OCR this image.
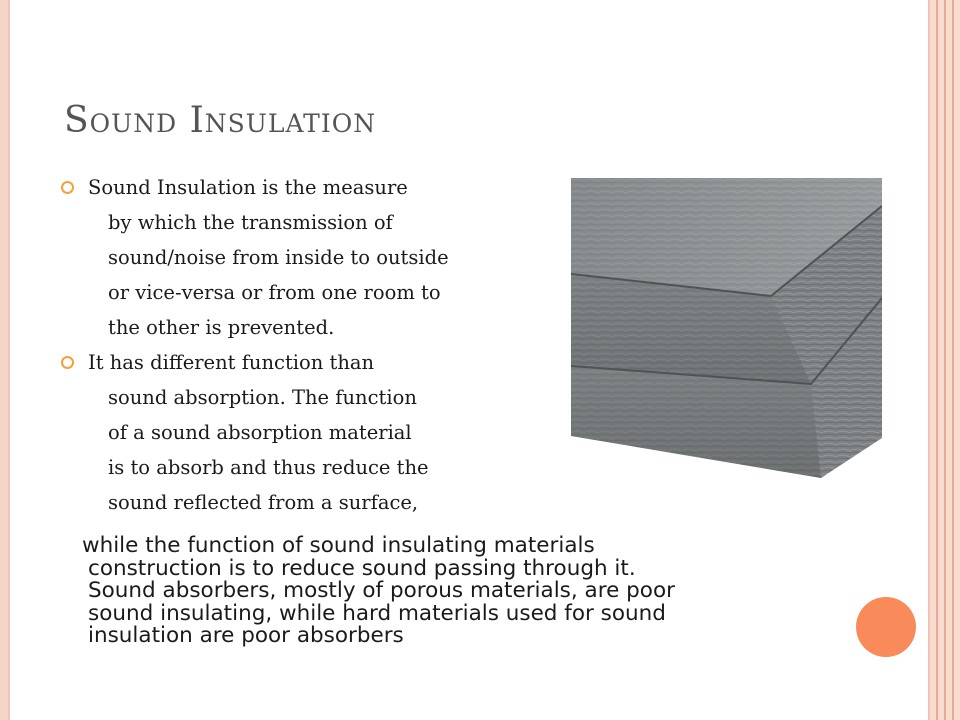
Sound Insulation
Sound Insulation is the measure
by which the transmission of
sound/noise from inside to outside
or vice-versa or from one room to
the other is prevented.
It has different function than
sound absorption. The function
of a sound absorption material
is to absorb and thus reduce the
sound reflected from a surface,
while the function of sound insulating materials
construction is to reduce sound passing through it.
Sound absorbers, mostly of porous materials, are poor
sound insulating, while hard materials used for sound
insulation are poor absorbers
